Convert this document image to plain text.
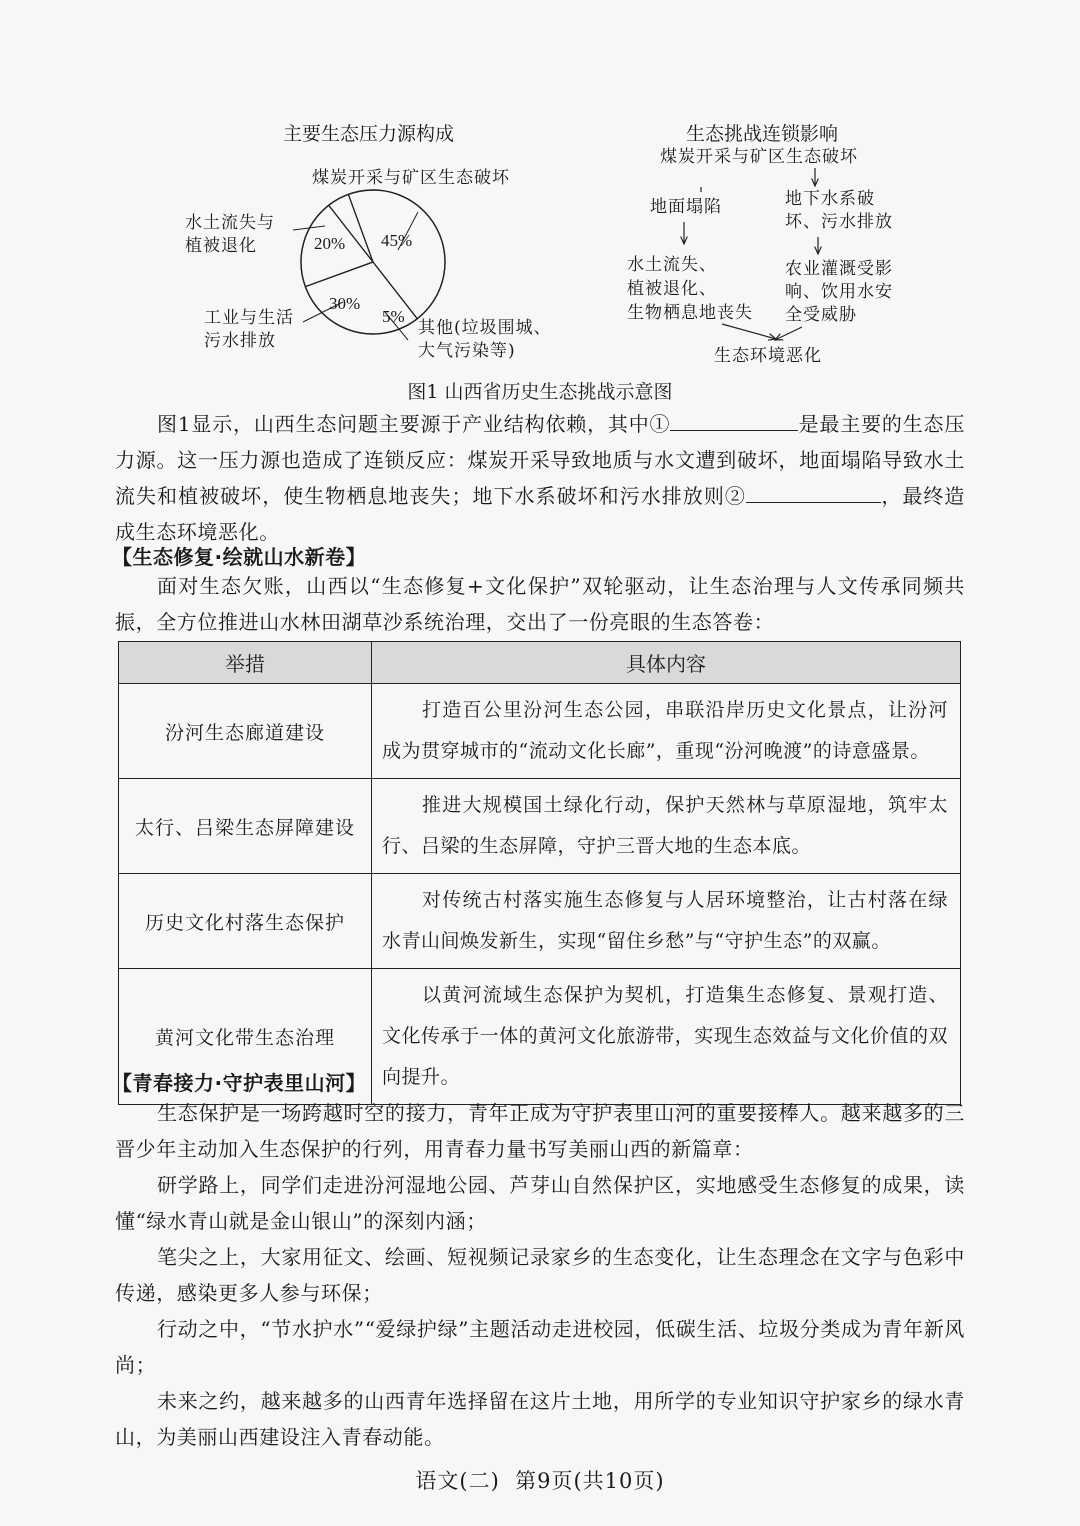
主要生态压力源构成
煤炭开采与矿区生态破坏
水土流失与
植被退化
工业与生活
污水排放
其他(垃圾围城、
大气污染等)
45%
20%
30%
5%
生态挑战连锁影响
煤炭开采与矿区生态破坏
地面塌陷	地下水系破
坏、污水排放
水土流失、
植被退化、
生物栖息地丧失
农业灌溉受影
响、饮用水安
全受威胁
生态环境恶化
图1 山西省历史生态挑战示意图

图1显示，山西生态问题主要源于产业结构依赖，其中①	是最主要的生态压力源。这一压力源也造成了连锁反应：煤炭开采导致地质与水文遭到破坏，地面塌陷导致水土流失和植被破坏，使生物栖息地丧失；地下水系破坏和污水排放则②	，最终造成生态环境恶化。

【生态修复·绘就山水新卷】

面对生态欠账，山西以“生态修复+文化保护”双轮驱动，让生态治理与人文传承同频共振，全方位推进山水林田湖草沙系统治理，交出了一份亮眼的生态答卷：

举措	具体内容
汾河生态廊道建设	打造百公里汾河生态公园，串联沿岸历史文化景点，让汾河成为贯穿城市的“流动文化长廊”，重现“汾河晚渡”的诗意盛景。
太行、吕梁生态屏障建设	推进大规模国土绿化行动，保护天然林与草原湿地，筑牢太行、吕梁的生态屏障，守护三晋大地的生态本底。
历史文化村落生态保护	对传统古村落实施生态修复与人居环境整治，让古村落在绿水青山间焕发新生，实现“留住乡愁”与“守护生态”的双赢。
黄河文化带生态治理	以黄河流域生态保护为契机，打造集生态修复、景观打造、文化传承于一体的黄河文化旅游带，实现生态效益与文化价值的双向提升。
【青春接力·守护表里山河】

生态保护是一场跨越时空的接力，青年正成为守护表里山河的重要接棒人。越来越多的三晋少年主动加入生态保护的行列，用青春力量书写美丽山西的新篇章：

研学路上，同学们走进汾河湿地公园、芦芽山自然保护区，实地感受生态修复的成果，读懂“绿水青山就是金山银山”的深刻内涵；

笔尖之上，大家用征文、绘画、短视频记录家乡的生态变化，让生态理念在文字与色彩中传递，感染更多人参与环保；

行动之中，“节水护水”“爱绿护绿”主题活动走进校园，低碳生活、垃圾分类成为青年新风尚；

未来之约，越来越多的山西青年选择留在这片土地，用所学的专业知识守护家乡的绿水青山，为美丽山西建设注入青春动能。

语文(二)  第9页(共10页)
